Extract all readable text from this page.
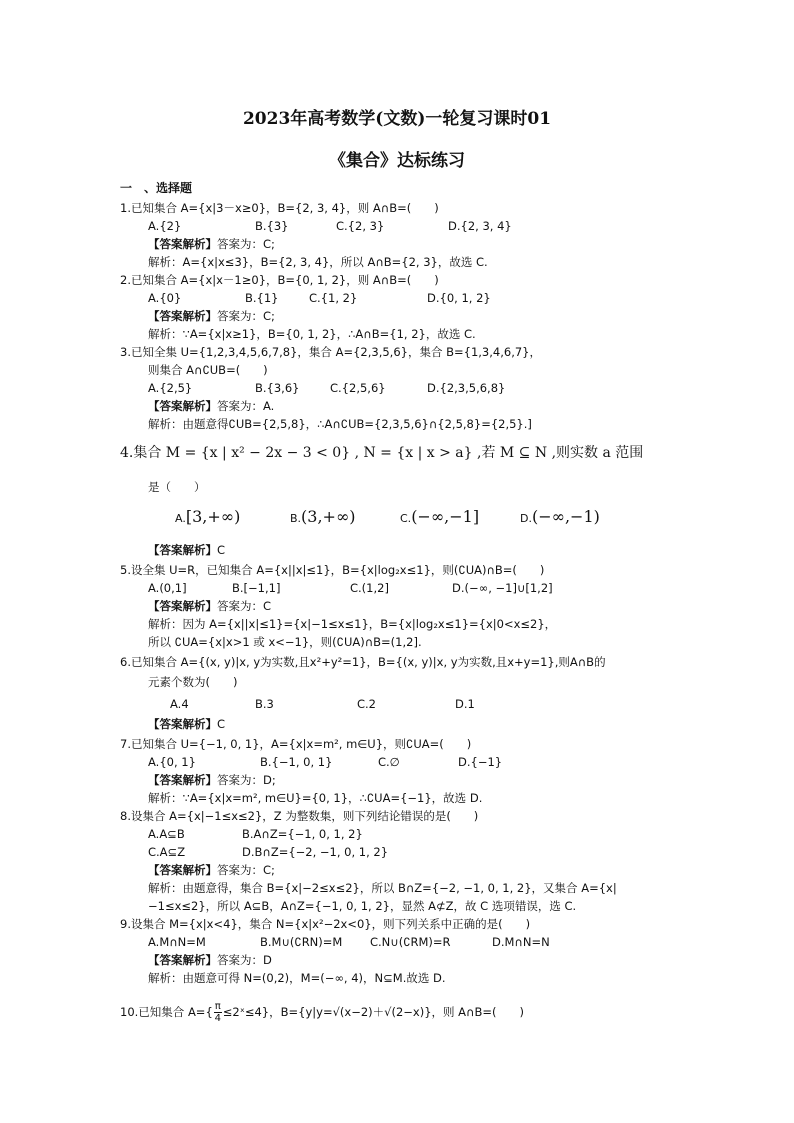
2023年高考数学(文数)一轮复习课时01
《集合》达标练习
一　、选择题
1.已知集合 A={x|3－x≥0}，B={2, 3, 4}，则 A∩B=(　　)
A.{2}	B.{3}	C.{2, 3}	D.{2, 3, 4}
【答案解析】答案为：C;
解析：A={x|x≤3}，B={2, 3, 4}，所以 A∩B={2, 3}，故选 C.
2.已知集合 A={x|x－1≥0}，B={0, 1, 2}，则 A∩B=(　　)
A.{0}	B.{1}	C.{1, 2}	D.{0, 1, 2}
【答案解析】答案为：C;
解析：∵A={x|x≥1}，B={0, 1, 2}，∴A∩B={1, 2}，故选 C.
3.已知全集 U={1,2,3,4,5,6,7,8}，集合 A={2,3,5,6}，集合 B={1,3,4,6,7}，
则集合 A∩∁UB=(　　)
A.{2,5}	B.{3,6}	C.{2,5,6}	D.{2,3,5,6,8}
【答案解析】答案为：A.
解析：由题意得∁UB={2,5,8}，∴A∩∁UB={2,3,5,6}∩{2,5,8}={2,5}.]
4.集合 M = {x | x² − 2x − 3 < 0} , N = {x | x > a} ,若 M ⊆ N ,则实数 a 范围
是（　　）
A.[3,+∞)	B.(3,+∞)	C.(−∞,−1]	D.(−∞,−1)
【答案解析】C
5.设全集 U=R，已知集合 A={x||x|≤1}，B={x|log₂x≤1}，则(∁UA)∩B=(　　)
A.(0,1]	B.[−1,1]	C.(1,2]	D.(−∞, −1]∪[1,2]
【答案解析】答案为：C
解析：因为 A={x||x|≤1}={x|−1≤x≤1}，B={x|log₂x≤1}={x|0<x≤2}，
所以 ∁UA={x|x>1 或 x<−1}，则(∁UA)∩B=(1,2].
6.已知集合 A={(x, y)|x, y为实数,且x²+y²=1}，B={(x, y)|x, y为实数,且x+y=1},则A∩B的
元素个数为(　　)
A.4	B.3	C.2	D.1
【答案解析】C
7.已知集合 U={−1, 0, 1}，A={x|x=m², m∈U}，则∁UA=(　　)
A.{0, 1}	B.{−1, 0, 1}	C.∅	D.{−1}
【答案解析】答案为：D;
解析：∵A={x|x=m², m∈U}={0, 1}，∴∁UA={−1}，故选 D.
8.设集合 A={x|−1≤x≤2}，Z 为整数集，则下列结论错误的是(　　)
A.A⊆B	B.A∩Z={−1, 0, 1, 2}
C.A⊆Z	D.B∩Z={−2, −1, 0, 1, 2}
【答案解析】答案为：C;
解析：由题意得，集合 B={x|−2≤x≤2}，所以 B∩Z={−2, −1, 0, 1, 2}，又集合 A={x|
−1≤x≤2}，所以 A⊆B，A∩Z={−1, 0, 1, 2}，显然 A⊄Z，故 C 选项错误，选 C.
9.设集合 M={x|x<4}，集合 N={x|x²−2x<0}，则下列关系中正确的是(　　)
A.M∩N=M	B.M∪(∁RN)=M C.N∪(∁RM)=R	D.M∩N=N
【答案解析】答案为：D
解析：由题意可得 N=(0,2)，M=(−∞, 4)，N⊆M.故选 D.
10.已知集合 $A=\{ \frac{\pi}{4}$ ≤2ˣ≤4}，B={y|y=√(x−2)＋√(2−x)}，则 A∩B=(　　)
